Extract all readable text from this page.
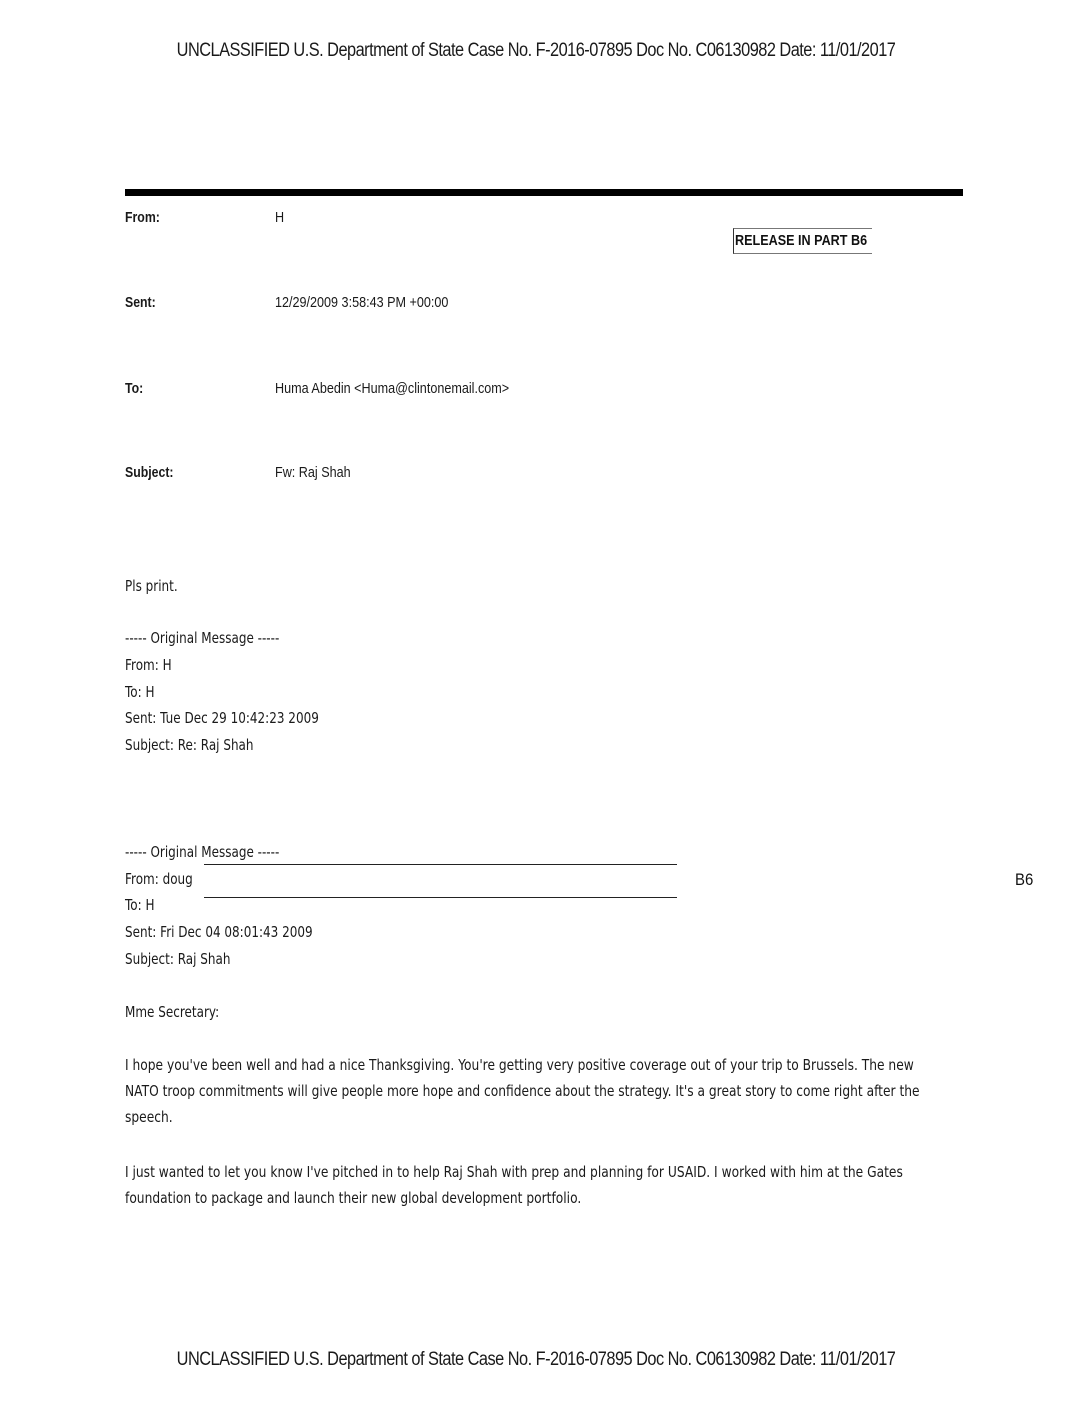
UNCLASSIFIED U.S. Department of State Case No. F-2016-07895 Doc No. C06130982 Date: 11/01/2017
From:	H
RELEASE IN PART B6
Sent:	12/29/2009 3:58:43 PM +00:00
To:	Huma Abedin <Huma@clintonemail.com>
Subject:	Fw: Raj Shah
Pls print.
----- Original Message -----
From: H
To: H
Sent: Tue Dec 29 10:42:23 2009
Subject: Re: Raj Shah
----- Original Message -----
From: doug	B6
To: H
Sent: Fri Dec 04 08:01:43 2009
Subject: Raj Shah
Mme Secretary:

I hope you've been well and had a nice Thanksgiving. You're getting very positive coverage out of your trip to Brussels. The new NATO troop commitments will give people more hope and confidence about the strategy. It's a great story to come right after the speech.

I just wanted to let you know I've pitched in to help Raj Shah with prep and planning for USAID. I worked with him at the Gates foundation to package and launch their new global development portfolio.

UNCLASSIFIED U.S. Department of State Case No. F-2016-07895 Doc No. C06130982 Date: 11/01/2017
